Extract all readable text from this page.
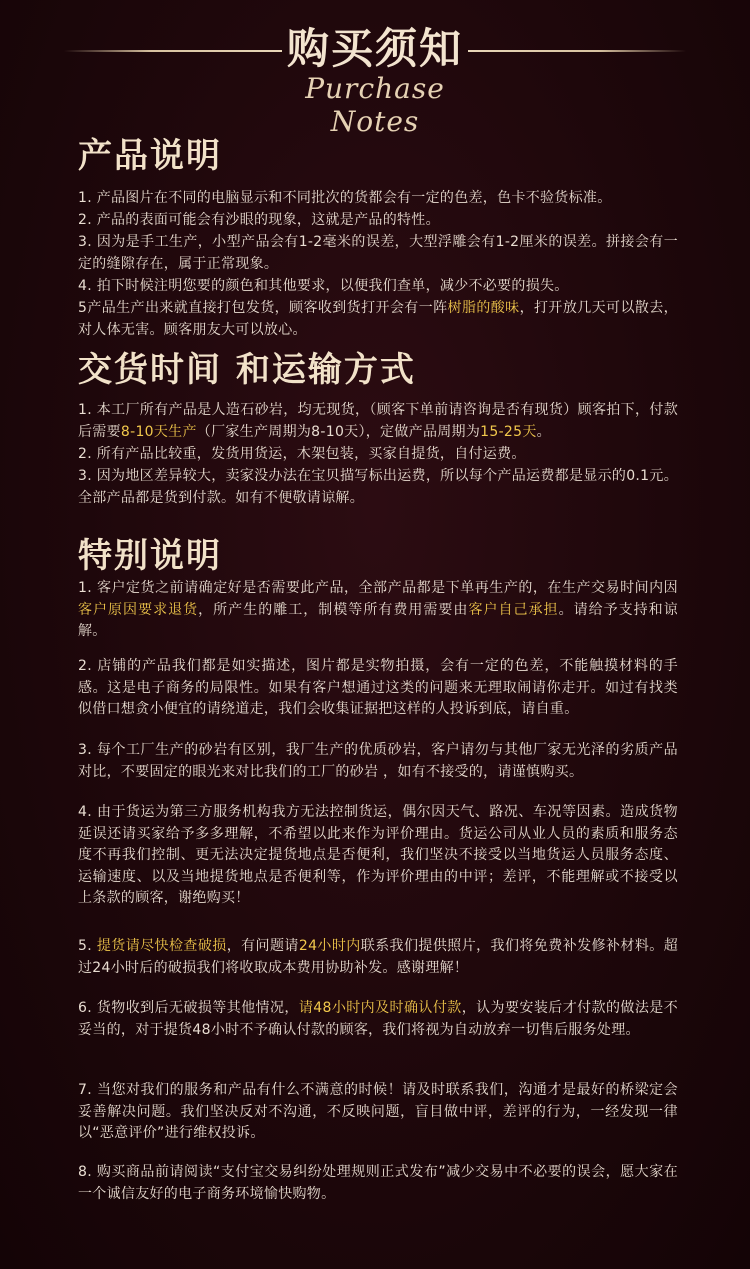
购买须知
Purchase Notes
产品说明
1. 产品图片在不同的电脑显示和不同批次的货都会有一定的色差，色卡不验货标准。
2. 产品的表面可能会有沙眼的现象，这就是产品的特性。
3. 因为是手工生产，小型产品会有1-2毫米的误差，大型浮雕会有1-2厘米的误差。拼接会有一定的缝隙存在，属于正常现象。
4. 拍下时候注明您要的颜色和其他要求，以便我们查单，减少不必要的损失。
5产品生产出来就直接打包发货，顾客收到货打开会有一阵树脂的酸味，打开放几天可以散去，对人体无害。顾客朋友大可以放心。
交货时间 和运输方式
1. 本工厂所有产品是人造石砂岩，均无现货，（顾客下单前请咨询是否有现货）顾客拍下，付款后需要8-10天生产（厂家生产周期为8-10天），定做产品周期为15-25天。
2. 所有产品比较重，发货用货运，木架包装，买家自提货，自付运费。
3. 因为地区差异较大，卖家没办法在宝贝描写标出运费，所以每个产品运费都是显示的0.1元。全部产品都是货到付款。如有不便敬请谅解。
特别说明
1. 客户定货之前请确定好是否需要此产品，全部产品都是下单再生产的，在生产交易时间内因客户原因要求退货，所产生的雕工，制模等所有费用需要由客户自己承担。请给予支持和谅解。
2. 店铺的产品我们都是如实描述，图片都是实物拍摄，会有一定的色差，不能触摸材料的手感。这是电子商务的局限性。如果有客户想通过这类的问题来无理取闹请你走开。如过有找类似借口想贪小便宜的请绕道走，我们会收集证据把这样的人投诉到底，请自重。
3. 每个工厂生产的砂岩有区别，我厂生产的优质砂岩，客户请勿与其他厂家无光泽的劣质产品对比，不要固定的眼光来对比我们的工厂的砂岩 ，如有不接受的，请谨慎购买。
4. 由于货运为第三方服务机构我方无法控制货运，偶尔因天气、路况、车况等因素。造成货物延误还请买家给予多多理解，不希望以此来作为评价理由。货运公司从业人员的素质和服务态度不再我们控制、更无法决定提货地点是否便利，我们坚决不接受以当地货运人员服务态度、运输速度、以及当地提货地点是否便利等，作为评价理由的中评；差评，不能理解或不接受以上条款的顾客，谢绝购买！
5. 提货请尽快检查破损，有问题请24小时内联系我们提供照片，我们将免费补发修补材料。超过24小时后的破损我们将收取成本费用协助补发。感谢理解！
6. 货物收到后无破损等其他情况，请48小时内及时确认付款，认为要安装后才付款的做法是不妥当的，对于提货48小时不予确认付款的顾客，我们将视为自动放弃一切售后服务处理。
7. 当您对我们的服务和产品有什么不满意的时候！请及时联系我们，沟通才是最好的桥梁定会妥善解决问题。我们坚决反对不沟通，不反映问题，盲目做中评，差评的行为，一经发现一律以“恶意评价”进行维权投诉。
8. 购买商品前请阅读“支付宝交易纠纷处理规则正式发布”减少交易中不必要的误会，愿大家在一个诚信友好的电子商务环境愉快购物。
